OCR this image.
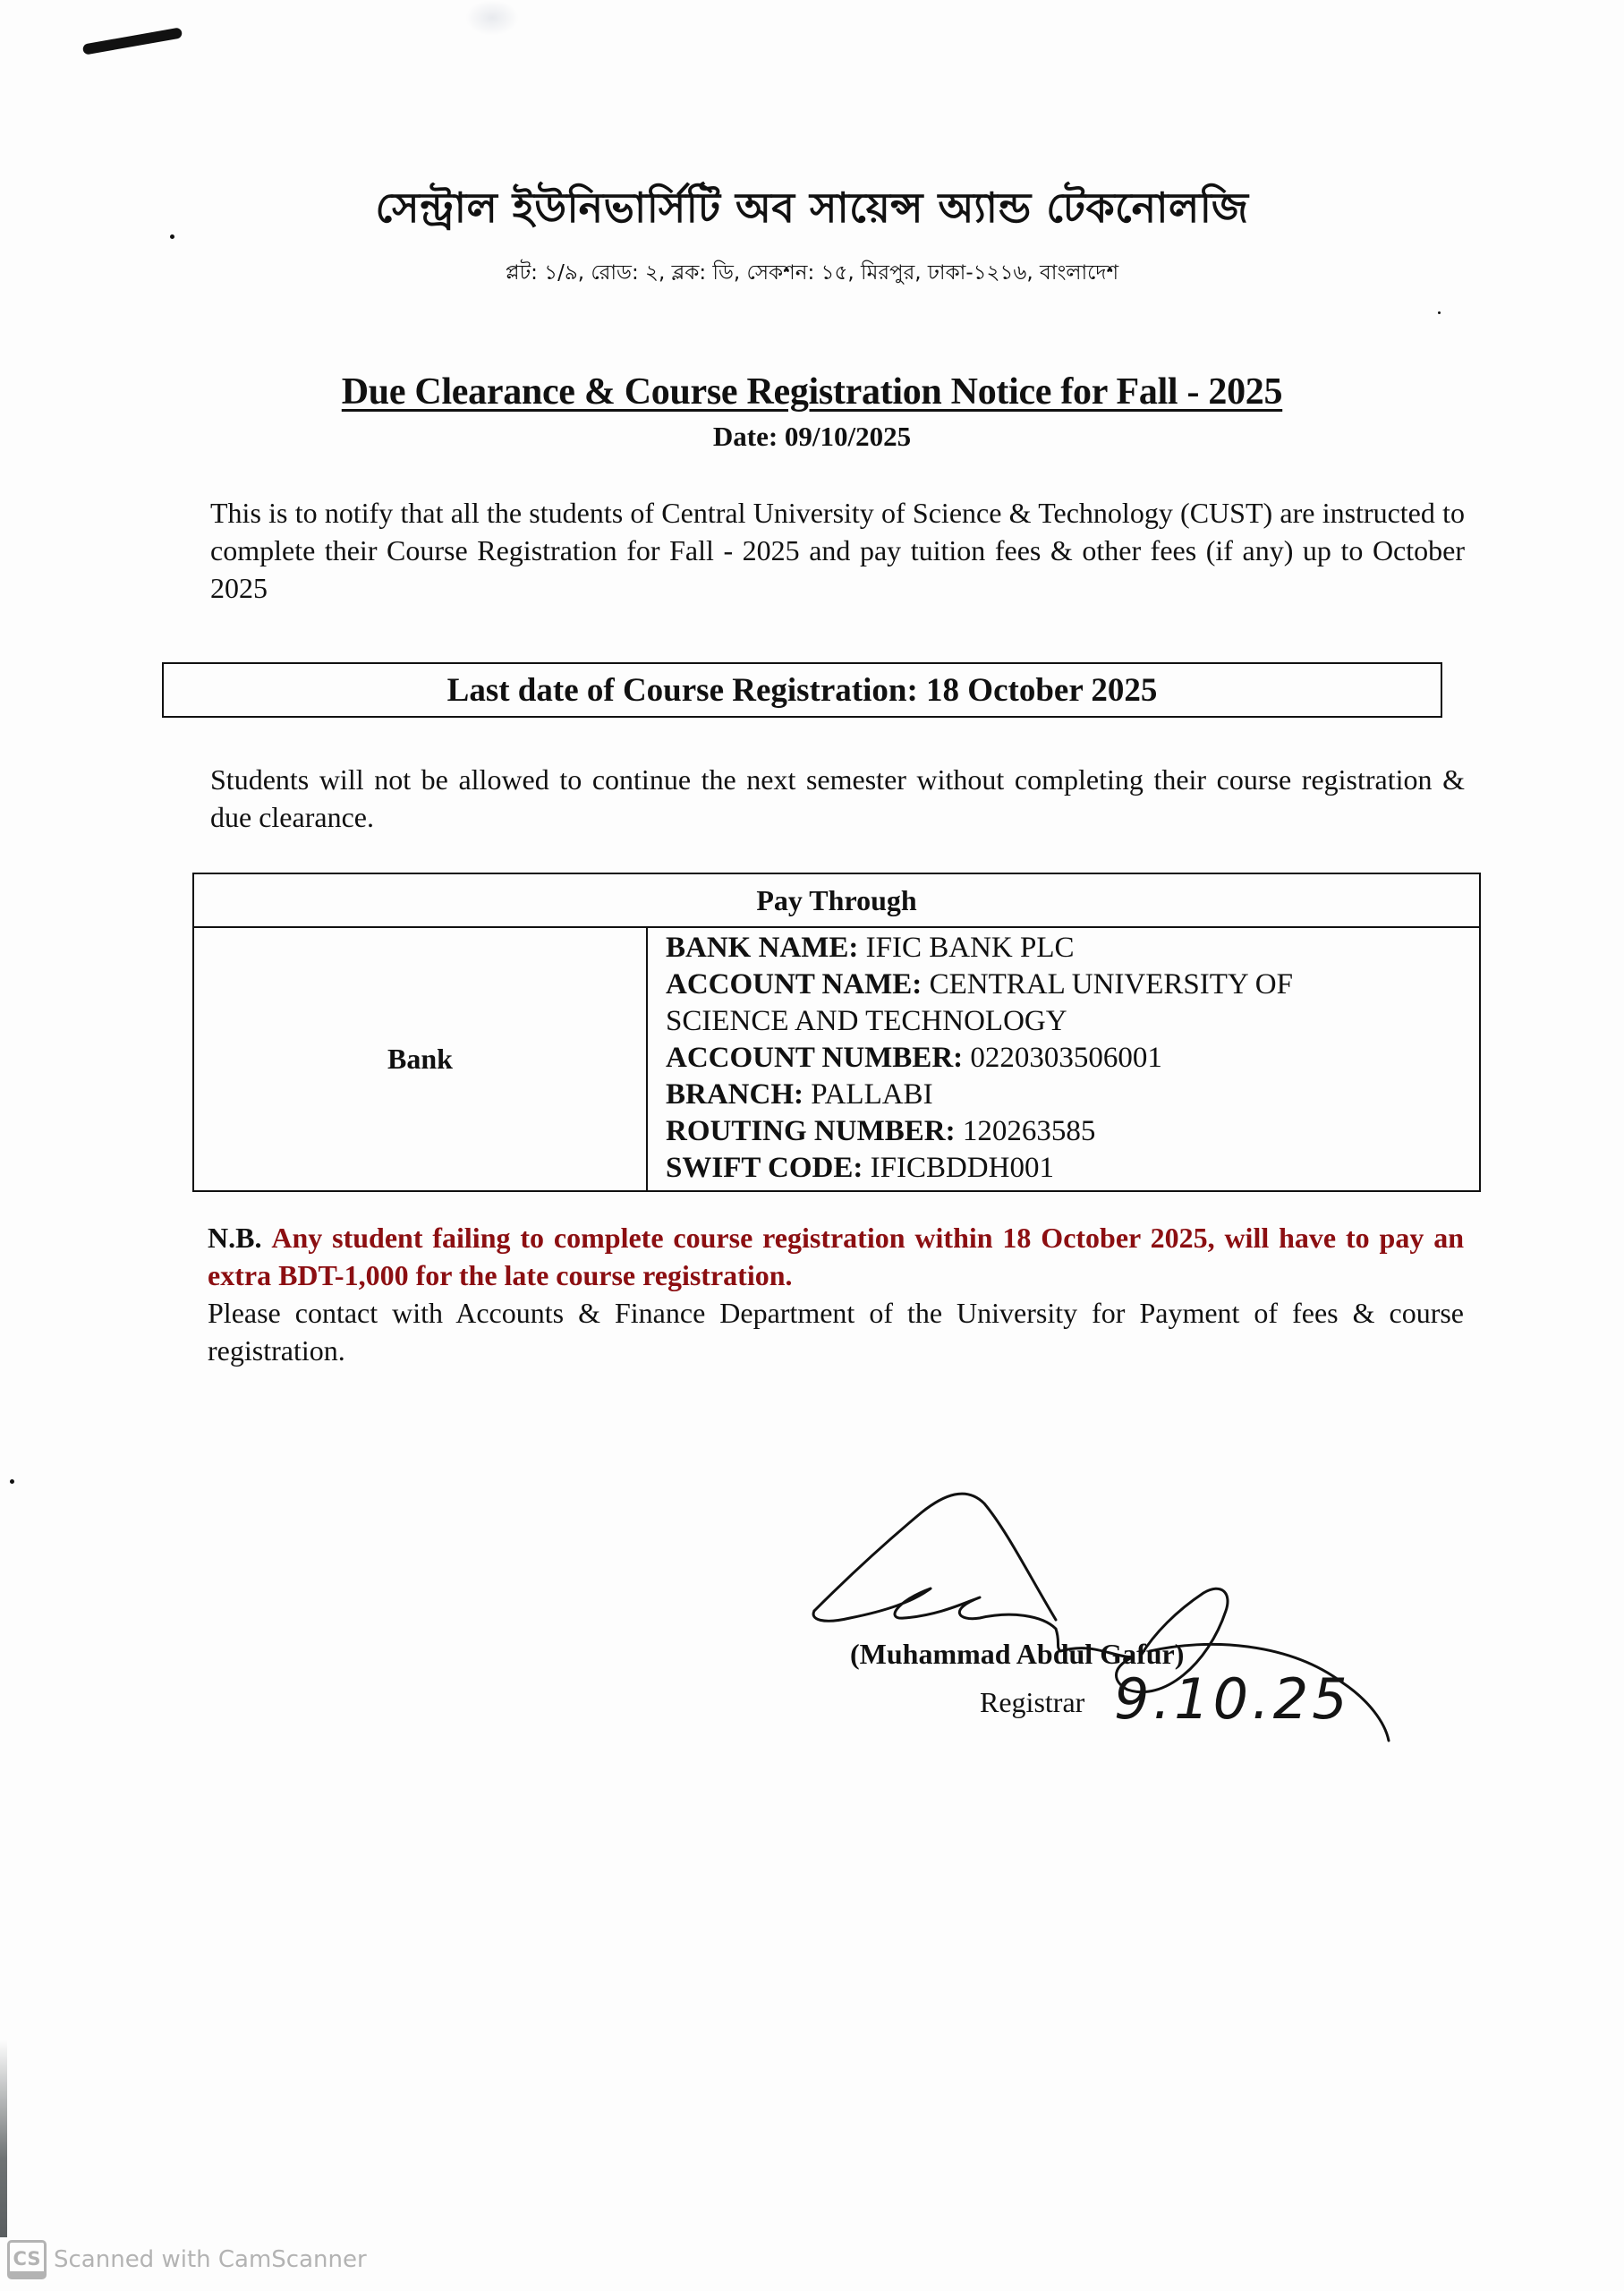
সেন্ট্রাল ইউনিভার্সিটি অব সায়েন্স অ্যান্ড টেকনোলজি
প্লট: ১/৯, রোড: ২, ব্লক: ডি, সেকশন: ১৫, মিরপুর, ঢাকা-১২১৬, বাংলাদেশ
Due Clearance & Course Registration Notice for Fall - 2025
Date: 09/10/2025
This is to notify that all the students of Central University of Science & Technology (CUST) are instructed to complete their Course Registration for Fall - 2025 and pay tuition fees & other fees (if any) up to October 2025
Last date of Course Registration: 18 October 2025
Students will not be allowed to continue the next semester without completing their course registration & due clearance.
Pay Through
Bank	
BANK NAME: IFIC BANK PLC
ACCOUNT NAME: CENTRAL UNIVERSITY OF
SCIENCE AND TECHNOLOGY
ACCOUNT NUMBER: 0220303506001
BRANCH: PALLABI
ROUTING NUMBER: 120263585
SWIFT CODE: IFICBDDH001
N.B. Any student failing to complete course registration within 18 October 2025, will have to pay an extra BDT-1,000 for the late course registration.
Please contact with Accounts & Finance Department of the University for Payment of fees & course registration.
(Muhammad Abdul Gafur)
Registrar 9.10.25
CS Scanned with CamScanner
